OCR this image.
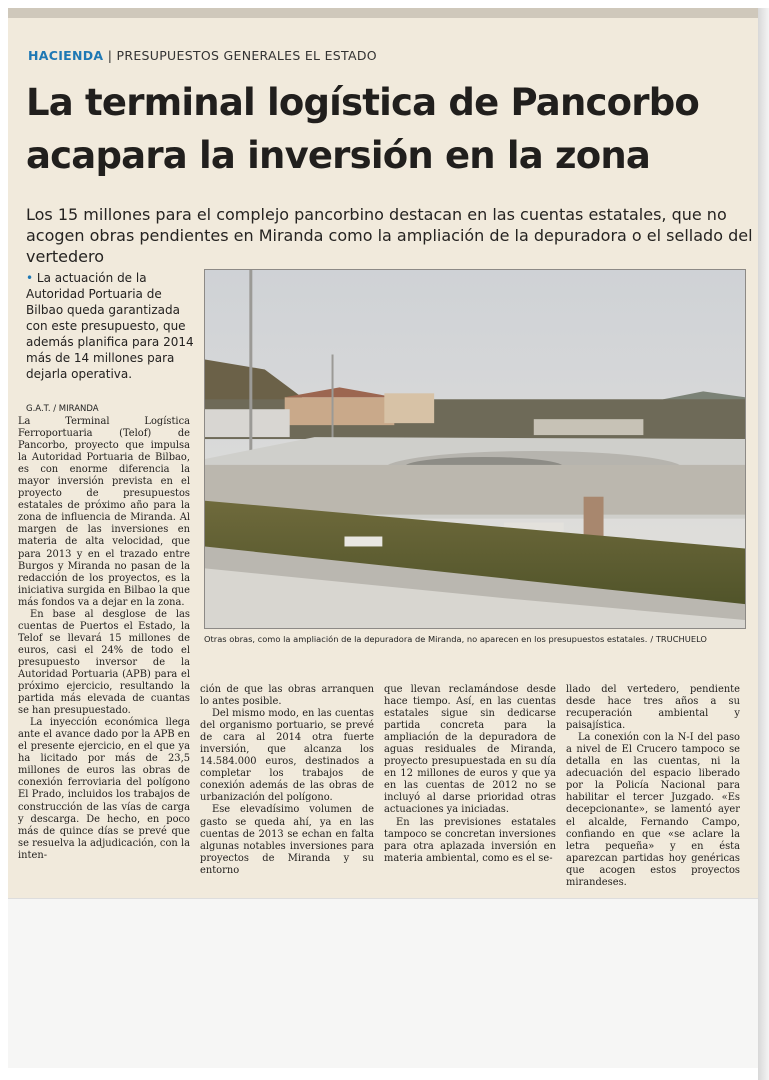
HACIENDA | PRESUPUESTOS GENERALES EL ESTADO
La terminal logística de Pancorbo acapara la inversión en la zona

Los 15 millones para el complejo pancorbino destacan en las cuentas estatales, que no acogen obras pendientes en Miranda como la ampliación de la depuradora o el sellado del vertedero

• La actuación de la Autoridad Portuaria de Bilbao queda garantizada con este presupuesto, que además planifica para 2014 más de 14 millones para dejarla operativa.
G.A.T. / MIRANDA

La Terminal Logística Ferroportuaria (Telof) de Pancorbo, proyecto que impulsa la Autoridad Portuaria de Bilbao, es con enorme diferencia la mayor inversión prevista en el proyecto de presupuestos estatales de próximo año para la zona de influencia de Miranda. Al margen de las inversiones en materia de alta velocidad, que para 2013 y en el trazado entre Burgos y Miranda no pasan de la redacción de los proyectos, es la iniciativa surgida en Bilbao la que más fondos va a dejar en la zona.

En base al desglose de las cuentas de Puertos el Estado, la Telof se llevará 15 millones de euros, casi el 24% de todo el presupuesto inversor de la Autoridad Portuaria (APB) para el próximo ejercicio, resultando la partida más elevada de cuantas se han presupuestado.

La inyección económica llega ante el avance dado por la APB en el presente ejercicio, en el que ya ha licitado por más de 23,5 millones de euros las obras de conexión ferroviaria del polígono El Prado, incluidos los trabajos de construcción de las vías de carga y descarga. De hecho, en poco más de quince días se prevé que se resuelva la adjudicación, con la inten-

Otras obras, como la ampliación de la depuradora de Miranda, no aparecen en los presupuestos estatales. / TRUCHUELO

ción de que las obras arranquen lo antes posible.

Del mismo modo, en las cuentas del organismo portuario, se prevé de cara al 2014 otra fuerte inversión, que alcanza los 14.584.000 euros, destinados a completar los trabajos de conexión además de las obras de urbanización del polígono.

Ese elevadísimo volumen de gasto se queda ahí, ya en las cuentas de 2013 se echan en falta algunas notables inversiones para proyectos de Miranda y su entorno

que llevan reclamándose desde hace tiempo. Así, en las cuentas estatales sigue sin dedicarse partida concreta para la ampliación de la depuradora de aguas residuales de Miranda, proyecto presupuestada en su día en 12 millones de euros y que ya en las cuentas de 2012 no se incluyó al darse prioridad otras actuaciones ya iniciadas.

En las previsiones estatales tampoco se concretan inversiones para otra aplazada inversión en materia ambiental, como es el se-

llado del vertedero, pendiente desde hace tres años a su recuperación ambiental y paisajística.

La conexión con la N-I del paso a nivel de El Crucero tampoco se detalla en las cuentas, ni la adecuación del espacio liberado por la Policía Nacional para habilitar el tercer Juzgado. «Es decepcionante», se lamentó ayer el alcalde, Fernando Campo, confiando en que «se aclare la letra pequeña» y en ésta aparezcan partidas hoy genéricas que acogen estos proyectos mirandeses.
